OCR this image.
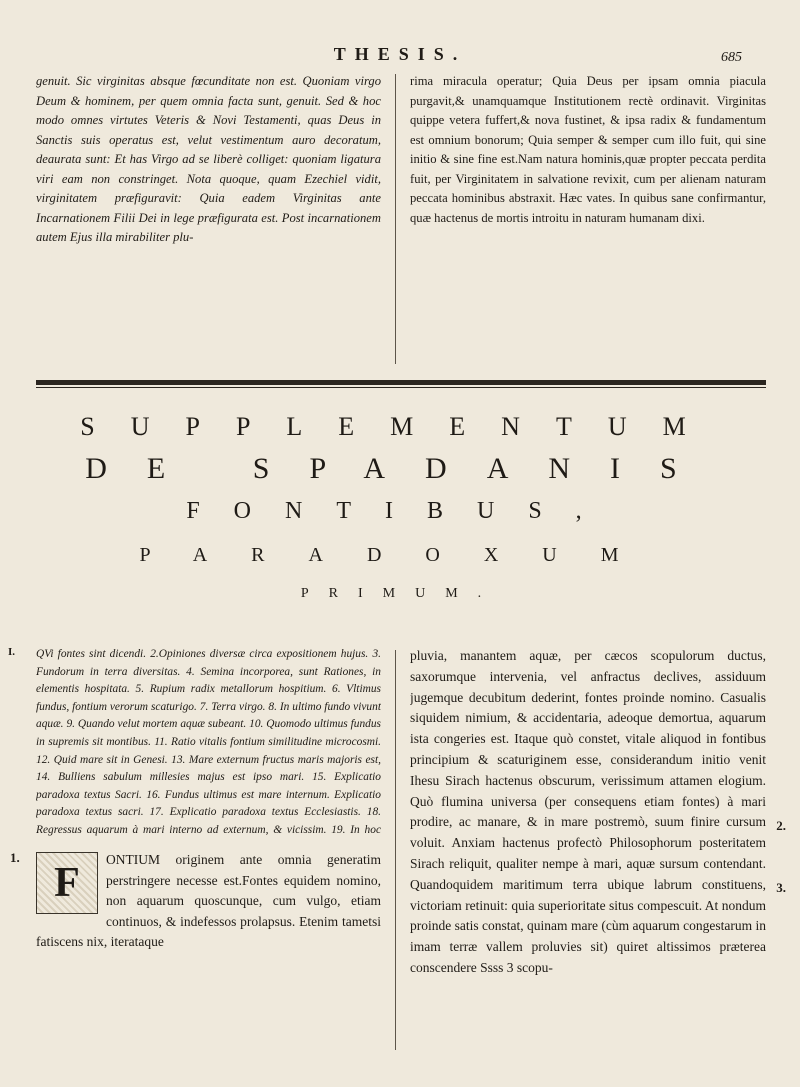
THESIS.	685
genuit. Sic virginitas absque fœcunditate non est. Quoniam virgo Deum & hominem, per quem omnia facta sunt, genuit. Sed & hoc modo omnes virtutes Veteris & Novi Testamenti, quas Deus in Sanctis suis operatus est, velut vestimentum auro decoratum, deaurata sunt: Et has Virgo ad se liberè colliget: quoniam ligatura viri eam non constringet. Nota quoque, quam Ezechiel vidit, virginitatem præfiguravit: Quia eadem Virginitas ante Incarnationem Filii Dei in lege præfigurata est. Post incarnationem autem Ejus illa mirabiliter plu-
rima miracula operatur; Quia Deus per ipsam omnia piacula purgavit,& unamquamque Institutionem rectè ordinavit. Virginitas quippe vetera fuffert,& nova fustinet, & ipsa radix & fundamentum est omnium bonorum; Quia semper & semper cum illo fuit, qui sine initio & sine fine est.Nam natura hominis,quæ propter peccata perdita fuit, per Virginitatem in salvatione revixit, cum per alienam naturam peccata hominibus abstraxit. Hæc vates. In quibus sane confirmantur, quæ hactenus de mortis introitu in naturam humanam dixi.
SUPPLEMENTUM
DE SPADANIS
FONTIBUS,
PARADOXUM
PRIMUM.
I. QVi fontes sint dicendi. 2.Opiniones diversæ circa expositionem hujus. 3. Fundorum in terra diversitas. 4. Semina incorporea, sunt Rationes, in elementis hospitata. 5. Rupium radix metallorum hospitium. 6. Vltimus fundus, fontium verorum scaturigo. 7. Terra virgo. 8. In ultimo fundo vivunt aquæ. 9. Quando velut mortem aquæ subeant. 10. Quomodo ultimus fundus in supremis sit montibus. 11. Ratio vitalis fontium similitudine microcosmi. 12. Quid mare sit in Genesi. 13. Mare externum fructus maris majoris est, 14. Bulliens sabulum millesies majus est ipso mari. 15. Explicatio paradoxa textus Sacri. 16. Fundus ultimus est mare internum. Explicatio paradoxa textus sacri. 17. Explicatio paradoxa textus Ecclesiastis. 18. Regressus aquarum à mari interno ad externum, & vicissim. 19. In hoc
1.
F
ONTIUM originem ante omnia generatim perstringere necesse est.Fontes equidem nomino, non aquarum quoscunque, cum vulgo, etiam continuos, & indefessos prolapsus. Etenim tametsi fatiscens nix, iterataque
pluvia, manantem aquæ, per cæcos scopulorum ductus, saxorumque intervenia, vel anfractus declives, assiduum jugemque decubitum dederint, fontes proinde nomino. Casualis siquidem nimium, & accidentaria, adeoque demortua, aquarum ista congeries est. Itaque quò constet, vitale aliquod in fontibus principium & scaturiginem esse, considerandum initio venit Ihesu Sirach hactenus obscurum, verissimum attamen elogium. Quò flumina universa (per consequens etiam fontes) à mari prodire, ac manare, & in mare postremò, suum finire cursum voluit. Anxiam hactenus profectò Philosophorum posteritatem Sirach reliquit, qualiter nempe à mari, aquæ sursum contendant. Quandoquidem maritimum terra ubique labrum constituens, victoriam retinuit: quia superioritate situs compescuit. At nondum proinde satis constat, quinam mare (cùm aquarum congestarum in imam terræ vallem proluvies sit) quiret altissimos præterea conscendere Ssss 3 scopu-
2.
3.
